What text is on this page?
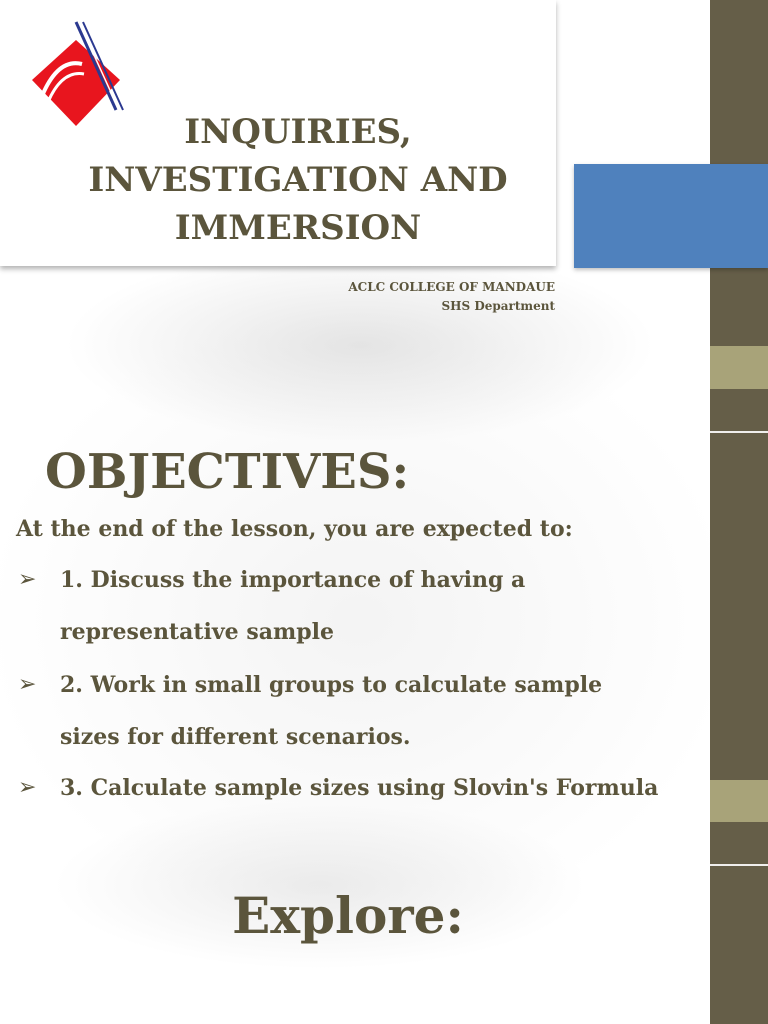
INQUIRIES,
INVESTIGATION AND
IMMERSION

ACLC COLLEGE OF MANDAUE
SHS Department

OBJECTIVES:

At the end of the lesson, you are expected to:

➢ 1. Discuss the importance of having a
representative sample
➢ 2. Work in small groups to calculate sample
sizes for different scenarios.
➢ 3. Calculate sample sizes using Slovin's Formula
Explore:
